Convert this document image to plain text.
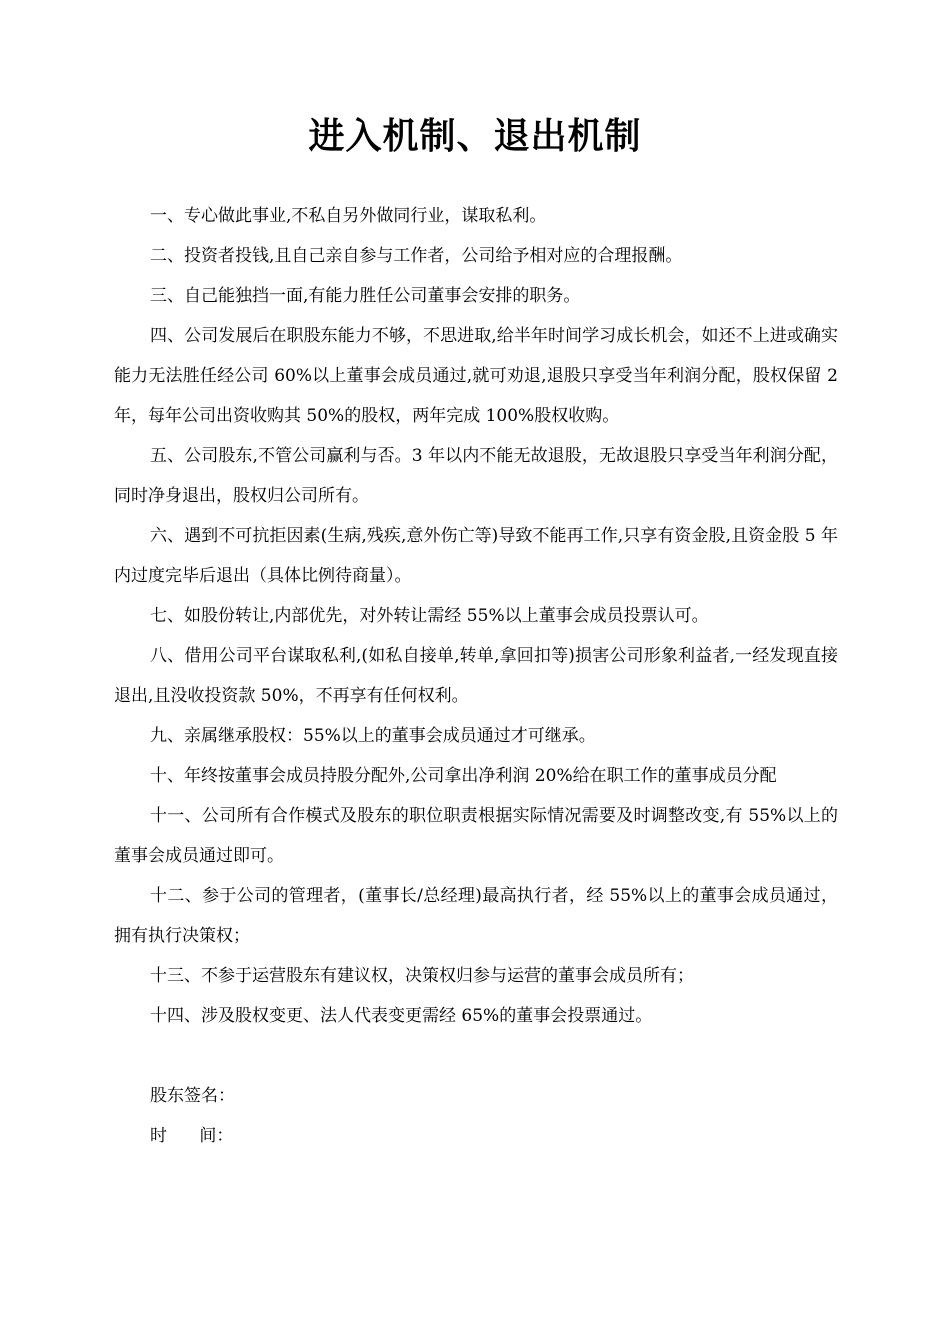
进入机制、退出机制

一、专心做此事业,不私自另外做同行业，谋取私利。

二、投资者投钱,且自己亲自参与工作者，公司给予相对应的合理报酬。

三、自己能独挡一面,有能力胜任公司董事会安排的职务。

四、公司发展后在职股东能力不够，不思进取,给半年时间学习成长机会，如还不上进或确实能力无法胜任经公司 60%以上董事会成员通过,就可劝退,退股只享受当年利润分配，股权保留 2 年，每年公司出资收购其 50%的股权，两年完成 100%股权收购。

五、公司股东,不管公司赢利与否。3 年以内不能无故退股，无故退股只享受当年利润分配，同时净身退出，股权归公司所有。

六、遇到不可抗拒因素(生病,残疾,意外伤亡等)导致不能再工作,只享有资金股,且资金股 5 年内过度完毕后退出（具体比例待商量）。

七、如股份转让,内部优先，对外转让需经 55%以上董事会成员投票认可。

八、借用公司平台谋取私利,(如私自接单,转单,拿回扣等)损害公司形象利益者,一经发现直接退出,且没收投资款 50%，不再享有任何权利。

九、亲属继承股权：55%以上的董事会成员通过才可继承。

十、年终按董事会成员持股分配外,公司拿出净利润 20%给在职工作的董事成员分配

十一、公司所有合作模式及股东的职位职责根据实际情况需要及时调整改变,有 55%以上的董事会成员通过即可。

十二、参于公司的管理者，(董事长/总经理)最高执行者，经 55%以上的董事会成员通过，拥有执行决策权；

十三、不参于运营股东有建议权，决策权归参与运营的董事会成员所有；

十四、涉及股权变更、法人代表变更需经 65%的董事会投票通过。

股东签名：

时      间：
